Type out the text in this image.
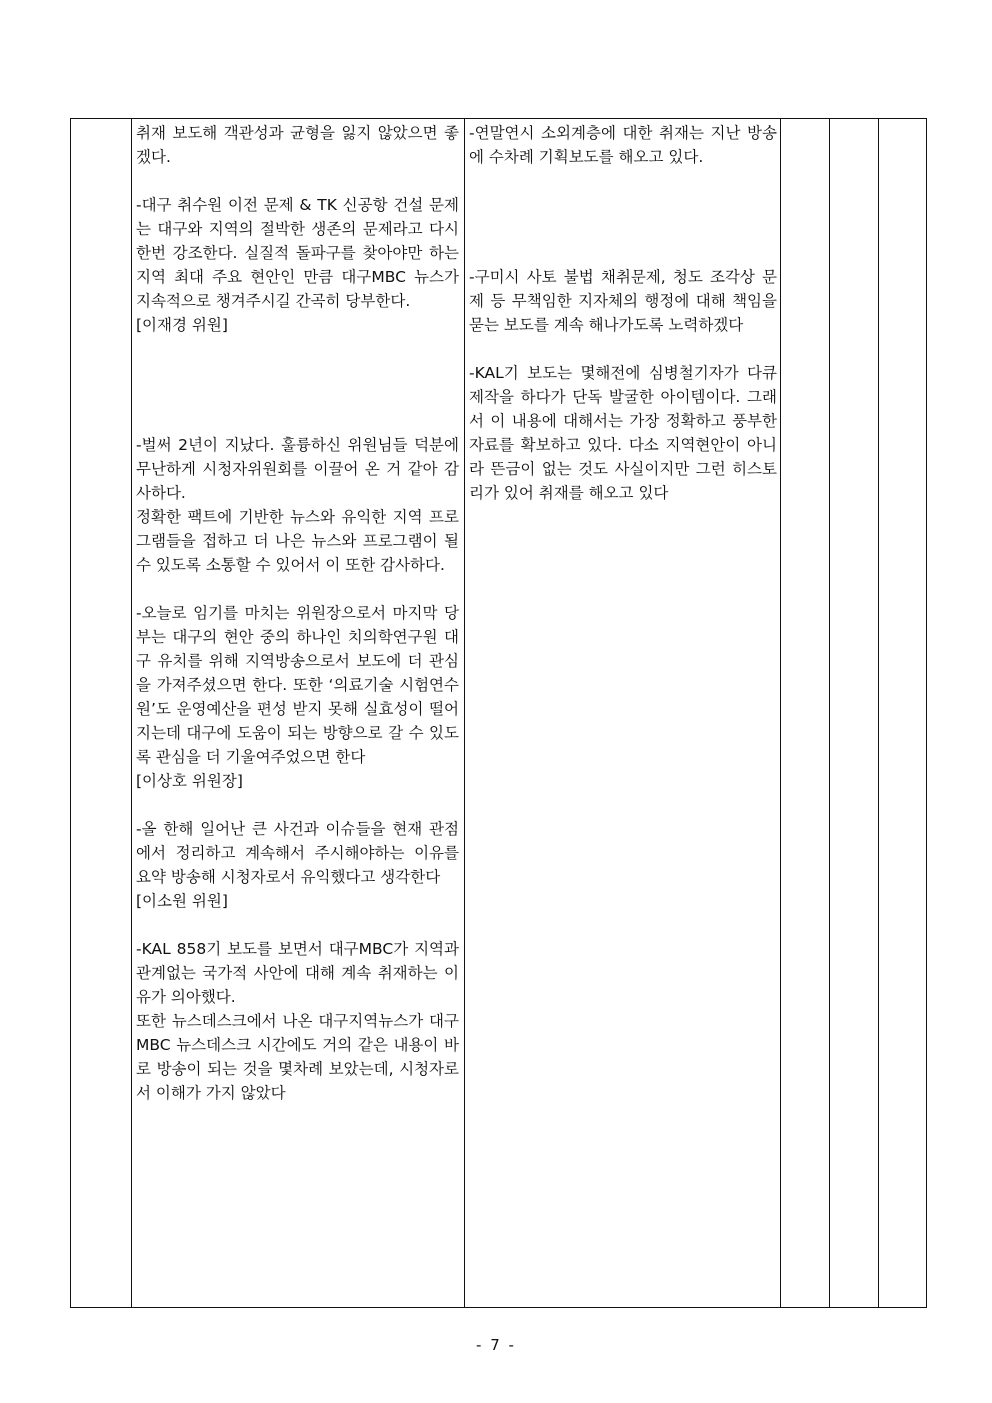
취재 보도해 객관성과 균형을 잃지 않았으면 좋겠다.

-대구 취수원 이전 문제 & TK 신공항 건설 문제는 대구와 지역의 절박한 생존의 문제라고 다시 한번 강조한다. 실질적 돌파구를 찾아야만 하는 지역 최대 주요 현안인 만큼 대구MBC 뉴스가 지속적으로 챙겨주시길 간곡히 당부한다.

[이재경 위원]

-벌써 2년이 지났다. 훌륭하신 위원님들 덕분에 무난하게 시청자위원회를 이끌어 온 거 같아 감사하다.

정확한 팩트에 기반한 뉴스와 유익한 지역 프로그램들을 접하고 더 나은 뉴스와 프로그램이 될 수 있도록 소통할 수 있어서 이 또한 감사하다.

-오늘로 임기를 마치는 위원장으로서 마지막 당부는 대구의 현안 중의 하나인 치의학연구원 대구 유치를 위해 지역방송으로서 보도에 더 관심을 가져주셨으면 한다. 또한 ‘의료기술 시험연수원’도 운영예산을 편성 받지 못해 실효성이 떨어지는데 대구에 도움이 되는 방향으로 갈 수 있도록 관심을 더 기울여주었으면 한다

[이상호 위원장]

-올 한해 일어난 큰 사건과 이슈들을 현재 관점에서 정리하고 계속해서 주시해야하는 이유를 요약 방송해 시청자로서 유익했다고 생각한다

[이소원 위원]

-KAL 858기 보도를 보면서 대구MBC가 지역과 관계없는 국가적 사안에 대해 계속 취재하는 이유가 의아했다.

또한 뉴스데스크에서 나온 대구지역뉴스가 대구MBC 뉴스데스크 시간에도 거의 같은 내용이 바로 방송이 되는 것을 몇차례 보았는데, 시청자로서 이해가 가지 않았다

-연말연시 소외계층에 대한 취재는 지난 방송에 수차례 기획보도를 해오고 있다.

-구미시 사토 불법 채취문제, 청도 조각상 문제 등 무책임한 지자체의 행정에 대해 책임을 묻는 보도를 계속 해나가도록 노력하겠다

-KAL기 보도는 몇해전에 심병철기자가 다큐제작을 하다가 단독 발굴한 아이템이다. 그래서 이 내용에 대해서는 가장 정확하고 풍부한 자료를 확보하고 있다. 다소 지역현안이 아니라 뜬금이 없는 것도 사실이지만 그런 히스토리가 있어 취재를 해오고 있다

- 7 -
